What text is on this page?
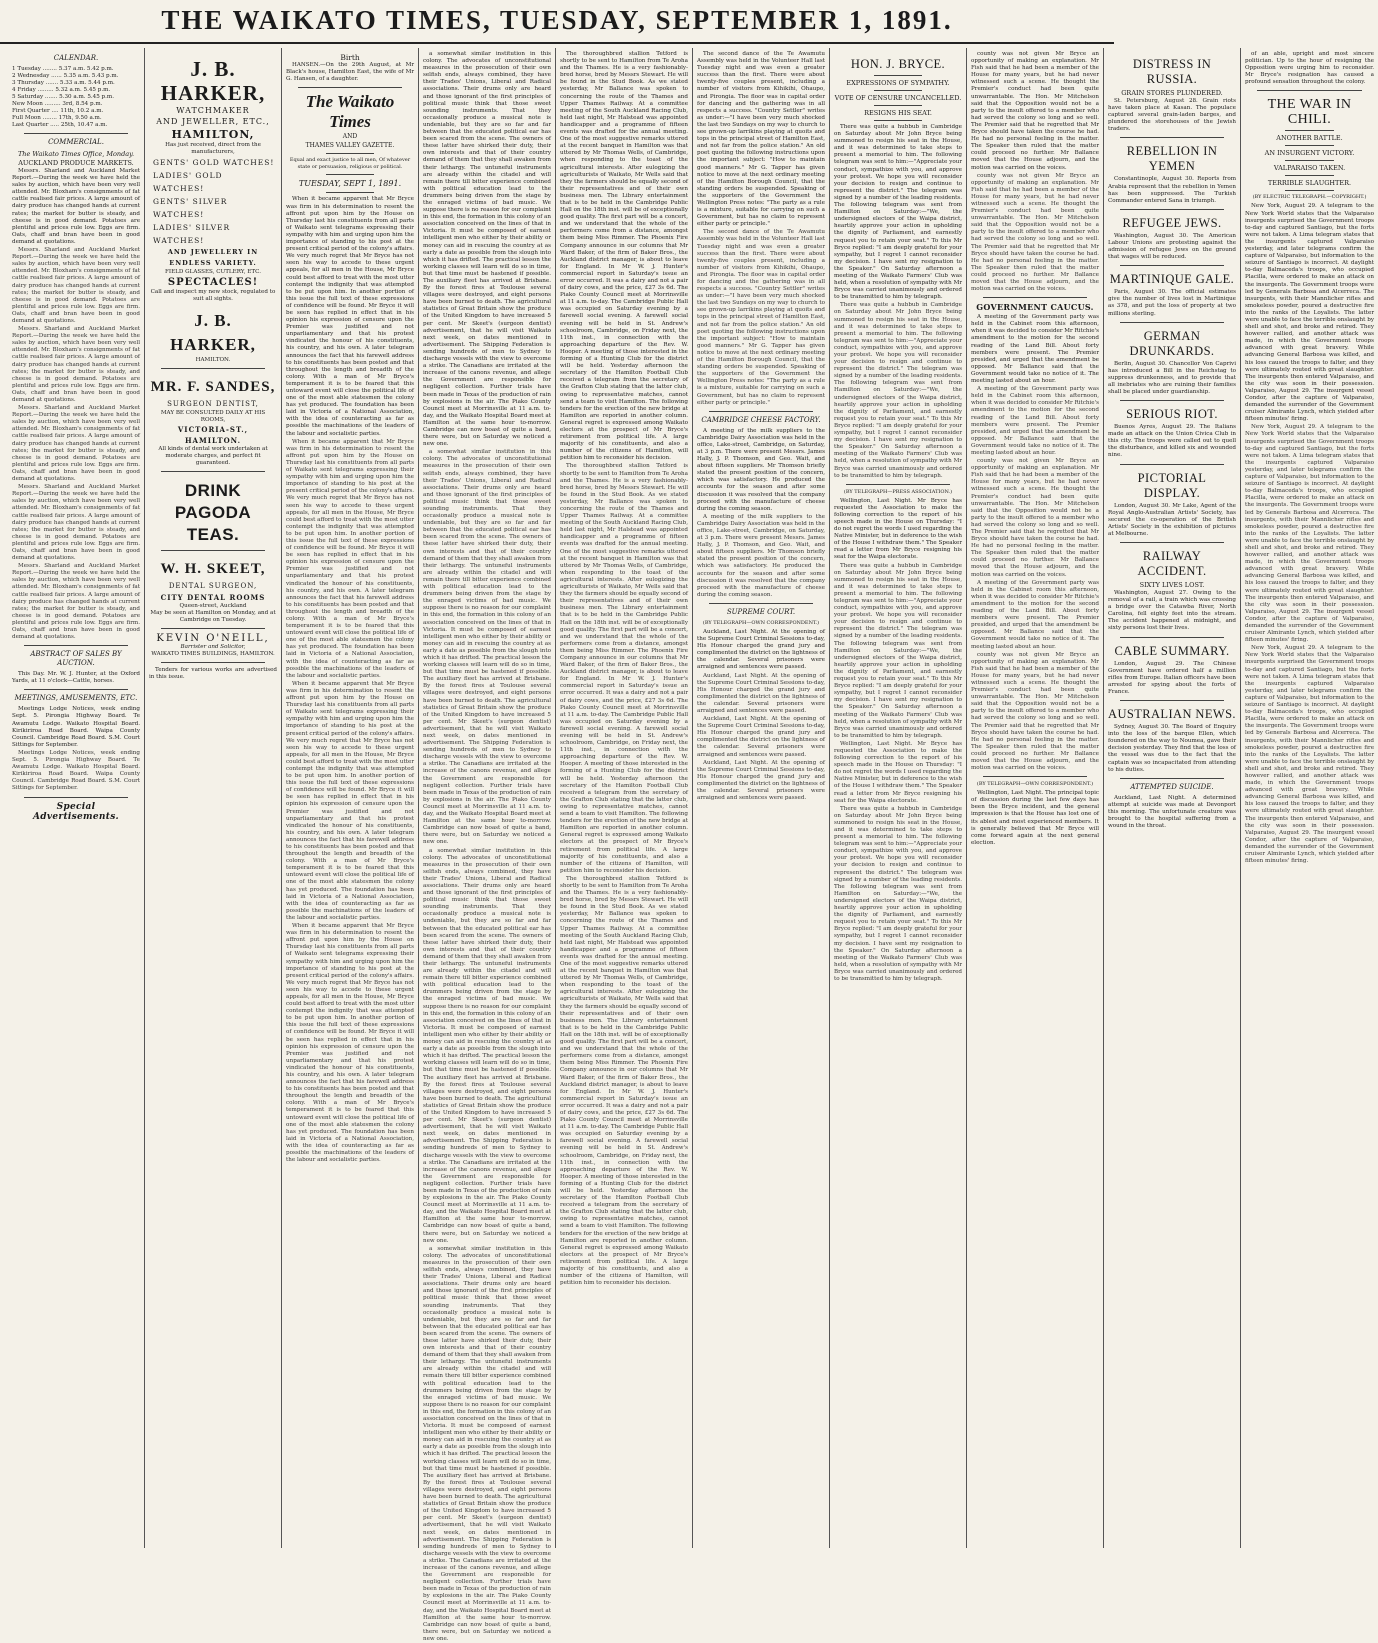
THE WAIKATO TIMES, TUESDAY, SEPTEMBER 1, 1891.
CALENDAR.
1 Tuesday ........ 5.37 a.m. 5.42 p.m.
2 Wednesday ...... 5.35 a.m. 5.43 p.m.
3 Thursday ....... 5.33 a.m. 5.44 p.m.
4 Friday ......... 5.32 a.m. 5.45 p.m.
5 Saturday ....... 5.30 a.m. 5.45 p.m.
New Moon ......... 3rd, 8.54 p.m.
First Quarter .... 11th, 10.2 a.m.
Full Moon ........ 17th, 9.50 a.m.
Last Quarter ..... 25th, 10.47 a.m.
COMMERCIAL.
The Waikato Times Office, Monday.
AUCKLAND PRODUCE MARKETS.

Messrs. Sharland and Auckland Market Report.—During the week we have held the sales by auction, which have been very well attended. Mr. Bloxham's consignments of fat cattle realised fair prices. A large amount of dairy produce has changed hands at current rates; the market for butter is steady, and cheese is in good demand. Potatoes are plentiful and prices rule low. Eggs are firm. Oats, chaff and bran have been in good demand at quotations.

Messrs. Sharland and Auckland Market Report.—During the week we have held the sales by auction, which have been very well attended. Mr. Bloxham's consignments of fat cattle realised fair prices. A large amount of dairy produce has changed hands at current rates; the market for butter is steady, and cheese is in good demand. Potatoes are plentiful and prices rule low. Eggs are firm. Oats, chaff and bran have been in good demand at quotations.

Messrs. Sharland and Auckland Market Report.—During the week we have held the sales by auction, which have been very well attended. Mr. Bloxham's consignments of fat cattle realised fair prices. A large amount of dairy produce has changed hands at current rates; the market for butter is steady, and cheese is in good demand. Potatoes are plentiful and prices rule low. Eggs are firm. Oats, chaff and bran have been in good demand at quotations.

Messrs. Sharland and Auckland Market Report.—During the week we have held the sales by auction, which have been very well attended. Mr. Bloxham's consignments of fat cattle realised fair prices. A large amount of dairy produce has changed hands at current rates; the market for butter is steady, and cheese is in good demand. Potatoes are plentiful and prices rule low. Eggs are firm. Oats, chaff and bran have been in good demand at quotations.

Messrs. Sharland and Auckland Market Report.—During the week we have held the sales by auction, which have been very well attended. Mr. Bloxham's consignments of fat cattle realised fair prices. A large amount of dairy produce has changed hands at current rates; the market for butter is steady, and cheese is in good demand. Potatoes are plentiful and prices rule low. Eggs are firm. Oats, chaff and bran have been in good demand at quotations.

Messrs. Sharland and Auckland Market Report.—During the week we have held the sales by auction, which have been very well attended. Mr. Bloxham's consignments of fat cattle realised fair prices. A large amount of dairy produce has changed hands at current rates; the market for butter is steady, and cheese is in good demand. Potatoes are plentiful and prices rule low. Eggs are firm. Oats, chaff and bran have been in good demand at quotations.

ABSTRACT OF SALES BY AUCTION.

This Day. Mr. W. J. Hunter, at the Oxford Yards, at 11 o'clock—Cattle, horses.

MEETINGS, AMUSEMENTS, ETC.

Meetings Lodge Notices, week ending Sept. 5. Pirongia Highway Board. Te Awamutu Lodge. Waikato Hospital Board. Kirikiriroa Road Board. Waipa County Council. Cambridge Road Board. S.M. Court Sittings for September.

Meetings Lodge Notices, week ending Sept. 5. Pirongia Highway Board. Te Awamutu Lodge. Waikato Hospital Board. Kirikiriroa Road Board. Waipa County Council. Cambridge Road Board. S.M. Court Sittings for September.

Special Advertisements.
J. B. HARKER,
WATCHMAKER
AND JEWELLER, ETC.,
HAMILTON,
Has just received, direct from the manufacturers,
GENTS' GOLD WATCHES!
LADIES' GOLD WATCHES!
GENTS' SILVER WATCHES!
LADIES' SILVER WATCHES!
AND JEWELLERY IN ENDLESS VARIETY.
FIELD GLASSES, CUTLERY, ETC.
SPECTACLES!
Call and inspect my new stock, regulated to suit all sights.
J. B. HARKER,
HAMILTON.
MR. F. SANDES,
SURGEON DENTIST,
MAY BE CONSULTED DAILY AT HIS ROOMS,
VICTORIA-ST., HAMILTON.
All kinds of dental work undertaken at moderate charges, and perfect fit guaranteed.
DRINK PAGODA TEAS.
W. H. SKEET,
DENTAL SURGEON,
CITY DENTAL ROOMS
Queen-street, Auckland
May be seen at Hamilton on Monday, and at Cambridge on Tuesday.
KEVIN O'NEILL,
Barrister and Solicitor,
WAIKATO TIMES BUILDINGS, HAMILTON.

Tenders for various works are advertised in this issue.

Birth

HANSEN.—On the 29th August, at Mr Black's house, Hamilton East, the wife of Mr G. Hansen, of a daughter.

The Waikato Times
AND
THAMES VALLEY GAZETTE.

Equal and exact justice to all men, Of whatever state or persuasion, religious or political.

TUESDAY, SEPT 1, 1891.

When it became apparent that Mr Bryce was firm in his determination to resent the affront put upon him by the House on Thursday last his constituents from all parts of Waikato sent telegrams expressing their sympathy with him and urging upon him the importance of standing to his post at the present critical period of the colony's affairs. We very much regret that Mr Bryce has not seen his way to accede to these urgent appeals, for all men in the House, Mr Bryce could best afford to treat with the most utter contempt the indignity that was attempted to be put upon him. In another portion of this issue the full text of these expressions of confidence will be found. Mr Bryce it will be seen has replied in effect that in his opinion his expression of censure upon the Premier was justified and not unparliamentary and that his protest vindicated the honour of his constituents, his country, and his own. A later telegram announces the fact that his farewell address to his constituents has been posted and that throughout the length and breadth of the colony. With a man of Mr Bryce's temperament it is to be feared that this untoward event will close the political life of one of the most able statesmen the colony has yet produced. The foundation has been laid in Victoria of a National Association, with the idea of counteracting as far as possible the machinations of the leaders of the labour and socialistic parties.

When it became apparent that Mr Bryce was firm in his determination to resent the affront put upon him by the House on Thursday last his constituents from all parts of Waikato sent telegrams expressing their sympathy with him and urging upon him the importance of standing to his post at the present critical period of the colony's affairs. We very much regret that Mr Bryce has not seen his way to accede to these urgent appeals, for all men in the House, Mr Bryce could best afford to treat with the most utter contempt the indignity that was attempted to be put upon him. In another portion of this issue the full text of these expressions of confidence will be found. Mr Bryce it will be seen has replied in effect that in his opinion his expression of censure upon the Premier was justified and not unparliamentary and that his protest vindicated the honour of his constituents, his country, and his own. A later telegram announces the fact that his farewell address to his constituents has been posted and that throughout the length and breadth of the colony. With a man of Mr Bryce's temperament it is to be feared that this untoward event will close the political life of one of the most able statesmen the colony has yet produced. The foundation has been laid in Victoria of a National Association, with the idea of counteracting as far as possible the machinations of the leaders of the labour and socialistic parties.

When it became apparent that Mr Bryce was firm in his determination to resent the affront put upon him by the House on Thursday last his constituents from all parts of Waikato sent telegrams expressing their sympathy with him and urging upon him the importance of standing to his post at the present critical period of the colony's affairs. We very much regret that Mr Bryce has not seen his way to accede to these urgent appeals, for all men in the House, Mr Bryce could best afford to treat with the most utter contempt the indignity that was attempted to be put upon him. In another portion of this issue the full text of these expressions of confidence will be found. Mr Bryce it will be seen has replied in effect that in his opinion his expression of censure upon the Premier was justified and not unparliamentary and that his protest vindicated the honour of his constituents, his country, and his own. A later telegram announces the fact that his farewell address to his constituents has been posted and that throughout the length and breadth of the colony. With a man of Mr Bryce's temperament it is to be feared that this untoward event will close the political life of one of the most able statesmen the colony has yet produced. The foundation has been laid in Victoria of a National Association, with the idea of counteracting as far as possible the machinations of the leaders of the labour and socialistic parties.

When it became apparent that Mr Bryce was firm in his determination to resent the affront put upon him by the House on Thursday last his constituents from all parts of Waikato sent telegrams expressing their sympathy with him and urging upon him the importance of standing to his post at the present critical period of the colony's affairs. We very much regret that Mr Bryce has not seen his way to accede to these urgent appeals, for all men in the House, Mr Bryce could best afford to treat with the most utter contempt the indignity that was attempted to be put upon him. In another portion of this issue the full text of these expressions of confidence will be found. Mr Bryce it will be seen has replied in effect that in his opinion his expression of censure upon the Premier was justified and not unparliamentary and that his protest vindicated the honour of his constituents, his country, and his own. A later telegram announces the fact that his farewell address to his constituents has been posted and that throughout the length and breadth of the colony. With a man of Mr Bryce's temperament it is to be feared that this untoward event will close the political life of one of the most able statesmen the colony has yet produced. The foundation has been laid in Victoria of a National Association, with the idea of counteracting as far as possible the machinations of the leaders of the labour and socialistic parties.

a somewhat similar institution in this colony. The advocates of unconstitutional measures in the prosecution of their own selfish ends, always combined, they have their Trades' Unions, Liberal and Radical associations. Their drums only are heard and those ignorant of the first principles of political music think that those sweet sounding instruments. That they occasionally produce a musical note is undeniable, but they are so far and far between that the educated political ear has been scared from the scene. The owners of these latter have shirked their duty, their own interests and that of their country demand of them that they shall awaken from their lethargy. The untuneful instruments are already within the citadel and will remain there till bitter experience combined with political education lead to the drummers being driven from the stage by the enraged victims of bad music. We suppose there is no reason for our complaint in this end, the formation in this colony of an association conceived on the lines of that in Victoria. It must be composed of earnest intelligent men who either by their ability or money can aid in rescuing the country at as early a date as possible from the slough into which it has drifted. The practical lesson the working classes will learn will do so in time, but that time must be hastened if possible. The auxiliary fleet has arrived at Brisbane. By the forest fires at Toulouse several villages were destroyed, and eight persons have been burned to death. The agricultural statistics of Great Britain show the produce of the United Kingdom to have increased 5 per cent. Mr Skeet's (surgeon dentist) advertisement, that he will visit Waikato next week, on dates mentioned in advertisement. The Shipping Federation is sending hundreds of men to Sydney to discharge vessels with the view to overcome a strike. The Canadians are irritated at the increase of the canons revenue, and allege the Government are responsible for negligent collection. Further trials have been made in Texas of the production of rain by explosions in the air. The Piako County Council meet at Morrinsville at 11 a.m. to-day, and the Waikato Hospital Board meet at Hamilton at the same hour to-morrow. Cambridge can now boast of quite a band, there were, but on Saturday we noticed a new one.

a somewhat similar institution in this colony. The advocates of unconstitutional measures in the prosecution of their own selfish ends, always combined, they have their Trades' Unions, Liberal and Radical associations. Their drums only are heard and those ignorant of the first principles of political music think that those sweet sounding instruments. That they occasionally produce a musical note is undeniable, but they are so far and far between that the educated political ear has been scared from the scene. The owners of these latter have shirked their duty, their own interests and that of their country demand of them that they shall awaken from their lethargy. The untuneful instruments are already within the citadel and will remain there till bitter experience combined with political education lead to the drummers being driven from the stage by the enraged victims of bad music. We suppose there is no reason for our complaint in this end, the formation in this colony of an association conceived on the lines of that in Victoria. It must be composed of earnest intelligent men who either by their ability or money can aid in rescuing the country at as early a date as possible from the slough into which it has drifted. The practical lesson the working classes will learn will do so in time, but that time must be hastened if possible. The auxiliary fleet has arrived at Brisbane. By the forest fires at Toulouse several villages were destroyed, and eight persons have been burned to death. The agricultural statistics of Great Britain show the produce of the United Kingdom to have increased 5 per cent. Mr Skeet's (surgeon dentist) advertisement, that he will visit Waikato next week, on dates mentioned in advertisement. The Shipping Federation is sending hundreds of men to Sydney to discharge vessels with the view to overcome a strike. The Canadians are irritated at the increase of the canons revenue, and allege the Government are responsible for negligent collection. Further trials have been made in Texas of the production of rain by explosions in the air. The Piako County Council meet at Morrinsville at 11 a.m. to-day, and the Waikato Hospital Board meet at Hamilton at the same hour to-morrow. Cambridge can now boast of quite a band, there were, but on Saturday we noticed a new one.

a somewhat similar institution in this colony. The advocates of unconstitutional measures in the prosecution of their own selfish ends, always combined, they have their Trades' Unions, Liberal and Radical associations. Their drums only are heard and those ignorant of the first principles of political music think that those sweet sounding instruments. That they occasionally produce a musical note is undeniable, but they are so far and far between that the educated political ear has been scared from the scene. The owners of these latter have shirked their duty, their own interests and that of their country demand of them that they shall awaken from their lethargy. The untuneful instruments are already within the citadel and will remain there till bitter experience combined with political education lead to the drummers being driven from the stage by the enraged victims of bad music. We suppose there is no reason for our complaint in this end, the formation in this colony of an association conceived on the lines of that in Victoria. It must be composed of earnest intelligent men who either by their ability or money can aid in rescuing the country at as early a date as possible from the slough into which it has drifted. The practical lesson the working classes will learn will do so in time, but that time must be hastened if possible. The auxiliary fleet has arrived at Brisbane. By the forest fires at Toulouse several villages were destroyed, and eight persons have been burned to death. The agricultural statistics of Great Britain show the produce of the United Kingdom to have increased 5 per cent. Mr Skeet's (surgeon dentist) advertisement, that he will visit Waikato next week, on dates mentioned in advertisement. The Shipping Federation is sending hundreds of men to Sydney to discharge vessels with the view to overcome a strike. The Canadians are irritated at the increase of the canons revenue, and allege the Government are responsible for negligent collection. Further trials have been made in Texas of the production of rain by explosions in the air. The Piako County Council meet at Morrinsville at 11 a.m. to-day, and the Waikato Hospital Board meet at Hamilton at the same hour to-morrow. Cambridge can now boast of quite a band, there were, but on Saturday we noticed a new one.

a somewhat similar institution in this colony. The advocates of unconstitutional measures in the prosecution of their own selfish ends, always combined, they have their Trades' Unions, Liberal and Radical associations. Their drums only are heard and those ignorant of the first principles of political music think that those sweet sounding instruments. That they occasionally produce a musical note is undeniable, but they are so far and far between that the educated political ear has been scared from the scene. The owners of these latter have shirked their duty, their own interests and that of their country demand of them that they shall awaken from their lethargy. The untuneful instruments are already within the citadel and will remain there till bitter experience combined with political education lead to the drummers being driven from the stage by the enraged victims of bad music. We suppose there is no reason for our complaint in this end, the formation in this colony of an association conceived on the lines of that in Victoria. It must be composed of earnest intelligent men who either by their ability or money can aid in rescuing the country at as early a date as possible from the slough into which it has drifted. The practical lesson the working classes will learn will do so in time, but that time must be hastened if possible. The auxiliary fleet has arrived at Brisbane. By the forest fires at Toulouse several villages were destroyed, and eight persons have been burned to death. The agricultural statistics of Great Britain show the produce of the United Kingdom to have increased 5 per cent. Mr Skeet's (surgeon dentist) advertisement, that he will visit Waikato next week, on dates mentioned in advertisement. The Shipping Federation is sending hundreds of men to Sydney to discharge vessels with the view to overcome a strike. The Canadians are irritated at the increase of the canons revenue, and allege the Government are responsible for negligent collection. Further trials have been made in Texas of the production of rain by explosions in the air. The Piako County Council meet at Morrinsville at 11 a.m. to-day, and the Waikato Hospital Board meet at Hamilton at the same hour to-morrow. Cambridge can now boast of quite a band, there were, but on Saturday we noticed a new one.

The thoroughbred stallion Tetford is shortly to be sent to Hamilton from Te Aroha and the Thames. He is a very fashionably-bred horse, bred by Messrs Stewart. He will be found in the Stud Book. As we stated yesterday, Mr Ballance was spoken to concerning the route of the Thames and Upper Thames Railway. At a committee meeting of the South Auckland Racing Club, held last night, Mr Halstead was appointed handicapper and a programme of fifteen events was drafted for the annual meeting. One of the most suggestive remarks uttered at the recent banquet in Hamilton was that uttered by Mr Thomas Wells, of Cambridge, when responding to the toast of the agricultural interests. After eulogizing the agriculturists of Waikato, Mr Wells said that they the farmers should be equally second of their representatives and of their own business men. The Library entertainment that is to be held in the Cambridge Public Hall on the 18th inst. will be of exceptionally good quality. The first part will be a concert, and we understand that the whole of the performers come from a distance, amongst them being Miss Rimmer. The Phoenix Fire Company announce in our columns that Mr Ward Baker, of the firm of Baker Bros., the Auckland district manager, is about to leave for England. In Mr W. J. Hunter's commercial report in Saturday's issue an error occurred. It was a dairy and not a pair of dairy cows, and the price, £27 3s 6d. The Piako County Council meet at Morrinsville at 11 a.m. to-day. The Cambridge Public Hall was occupied on Saturday evening by a farewell social evening. A farewell social evening will be held in St. Andrew's schoolroom, Cambridge, on Friday next, the 11th inst., in connection with the approaching departure of the Rev. W. Hooper. A meeting of those interested in the forming of a Hunting Club for the district will be held. Yesterday afternoon the secretary of the Hamilton Football Club received a telegram from the secretary of the Grafton Club stating that the latter club, owing to representative matches, cannot send a team to visit Hamilton. The following tenders for the erection of the new bridge at Hamilton are reported in another column. General regret is expressed among Waikato electors at the prospect of Mr Bryce's retirement from political life. A large majority of his constituents, and also a number of the citizens of Hamilton, will petition him to reconsider his decision.

The thoroughbred stallion Tetford is shortly to be sent to Hamilton from Te Aroha and the Thames. He is a very fashionably-bred horse, bred by Messrs Stewart. He will be found in the Stud Book. As we stated yesterday, Mr Ballance was spoken to concerning the route of the Thames and Upper Thames Railway. At a committee meeting of the South Auckland Racing Club, held last night, Mr Halstead was appointed handicapper and a programme of fifteen events was drafted for the annual meeting. One of the most suggestive remarks uttered at the recent banquet in Hamilton was that uttered by Mr Thomas Wells, of Cambridge, when responding to the toast of the agricultural interests. After eulogizing the agriculturists of Waikato, Mr Wells said that they the farmers should be equally second of their representatives and of their own business men. The Library entertainment that is to be held in the Cambridge Public Hall on the 18th inst. will be of exceptionally good quality. The first part will be a concert, and we understand that the whole of the performers come from a distance, amongst them being Miss Rimmer. The Phoenix Fire Company announce in our columns that Mr Ward Baker, of the firm of Baker Bros., the Auckland district manager, is about to leave for England. In Mr W. J. Hunter's commercial report in Saturday's issue an error occurred. It was a dairy and not a pair of dairy cows, and the price, £27 3s 6d. The Piako County Council meet at Morrinsville at 11 a.m. to-day. The Cambridge Public Hall was occupied on Saturday evening by a farewell social evening. A farewell social evening will be held in St. Andrew's schoolroom, Cambridge, on Friday next, the 11th inst., in connection with the approaching departure of the Rev. W. Hooper. A meeting of those interested in the forming of a Hunting Club for the district will be held. Yesterday afternoon the secretary of the Hamilton Football Club received a telegram from the secretary of the Grafton Club stating that the latter club, owing to representative matches, cannot send a team to visit Hamilton. The following tenders for the erection of the new bridge at Hamilton are reported in another column. General regret is expressed among Waikato electors at the prospect of Mr Bryce's retirement from political life. A large majority of his constituents, and also a number of the citizens of Hamilton, will petition him to reconsider his decision.

The thoroughbred stallion Tetford is shortly to be sent to Hamilton from Te Aroha and the Thames. He is a very fashionably-bred horse, bred by Messrs Stewart. He will be found in the Stud Book. As we stated yesterday, Mr Ballance was spoken to concerning the route of the Thames and Upper Thames Railway. At a committee meeting of the South Auckland Racing Club, held last night, Mr Halstead was appointed handicapper and a programme of fifteen events was drafted for the annual meeting. One of the most suggestive remarks uttered at the recent banquet in Hamilton was that uttered by Mr Thomas Wells, of Cambridge, when responding to the toast of the agricultural interests. After eulogizing the agriculturists of Waikato, Mr Wells said that they the farmers should be equally second of their representatives and of their own business men. The Library entertainment that is to be held in the Cambridge Public Hall on the 18th inst. will be of exceptionally good quality. The first part will be a concert, and we understand that the whole of the performers come from a distance, amongst them being Miss Rimmer. The Phoenix Fire Company announce in our columns that Mr Ward Baker, of the firm of Baker Bros., the Auckland district manager, is about to leave for England. In Mr W. J. Hunter's commercial report in Saturday's issue an error occurred. It was a dairy and not a pair of dairy cows, and the price, £27 3s 6d. The Piako County Council meet at Morrinsville at 11 a.m. to-day. The Cambridge Public Hall was occupied on Saturday evening by a farewell social evening. A farewell social evening will be held in St. Andrew's schoolroom, Cambridge, on Friday next, the 11th inst., in connection with the approaching departure of the Rev. W. Hooper. A meeting of those interested in the forming of a Hunting Club for the district will be held. Yesterday afternoon the secretary of the Hamilton Football Club received a telegram from the secretary of the Grafton Club stating that the latter club, owing to representative matches, cannot send a team to visit Hamilton. The following tenders for the erection of the new bridge at Hamilton are reported in another column. General regret is expressed among Waikato electors at the prospect of Mr Bryce's retirement from political life. A large majority of his constituents, and also a number of the citizens of Hamilton, will petition him to reconsider his decision.

The second dance of the Te Awamutu Assembly was held in the Volunteer Hall last Tuesday night and was even a greater success than the first. There were about twenty-five couples present, including a number of visitors from Kihikihi, Ohaupo, and Pirongia. The floor was in capital order for dancing and the gathering was in all respects a success. "Country Settler" writes as under:—"I have been very much shocked the last two Sundays on my way to church to see grown-up larrikins playing at quoits and tops in the principal street of Hamilton East, and not far from the police station." An old poet quoting the following instructions upon the important subject: "How to maintain good manners." Mr G. Tapper has given notice to move at the next ordinary meeting of the Hamilton Borough Council, that the standing orders be suspended. Speaking of the supporters of the Government the Wellington Press notes: "The party as a rule is a mixture, suitable for carrying on such a Government, but has no claim to represent either party or principle."

The second dance of the Te Awamutu Assembly was held in the Volunteer Hall last Tuesday night and was even a greater success than the first. There were about twenty-five couples present, including a number of visitors from Kihikihi, Ohaupo, and Pirongia. The floor was in capital order for dancing and the gathering was in all respects a success. "Country Settler" writes as under:—"I have been very much shocked the last two Sundays on my way to church to see grown-up larrikins playing at quoits and tops in the principal street of Hamilton East, and not far from the police station." An old poet quoting the following instructions upon the important subject: "How to maintain good manners." Mr G. Tapper has given notice to move at the next ordinary meeting of the Hamilton Borough Council, that the standing orders be suspended. Speaking of the supporters of the Government the Wellington Press notes: "The party as a rule is a mixture, suitable for carrying on such a Government, but has no claim to represent either party or principle."

CAMBRIDGE CHEESE FACTORY.

A meeting of the milk suppliers to the Cambridge Dairy Association was held in the office, Lake-street, Cambridge, on Saturday, at 3 p.m. There were present Messrs. James Hally, J. P. Thomson, and Geo. Wait, and about fifteen suppliers. Mr Thomson briefly stated the present position of the concern, which was satisfactory. He produced the accounts for the season and after some discussion it was resolved that the company proceed with the manufacture of cheese during the coming season.

A meeting of the milk suppliers to the Cambridge Dairy Association was held in the office, Lake-street, Cambridge, on Saturday, at 3 p.m. There were present Messrs. James Hally, J. P. Thomson, and Geo. Wait, and about fifteen suppliers. Mr Thomson briefly stated the present position of the concern, which was satisfactory. He produced the accounts for the season and after some discussion it was resolved that the company proceed with the manufacture of cheese during the coming season.

SUPREME COURT.
(BY TELEGRAPH—OWN CORRESPONDENT.)

Auckland, Last Night. At the opening of the Supreme Court Criminal Sessions to-day, His Honour charged the grand jury and complimented the district on the lightness of the calendar. Several prisoners were arraigned and sentences were passed.

Auckland, Last Night. At the opening of the Supreme Court Criminal Sessions to-day, His Honour charged the grand jury and complimented the district on the lightness of the calendar. Several prisoners were arraigned and sentences were passed.

Auckland, Last Night. At the opening of the Supreme Court Criminal Sessions to-day, His Honour charged the grand jury and complimented the district on the lightness of the calendar. Several prisoners were arraigned and sentences were passed.

Auckland, Last Night. At the opening of the Supreme Court Criminal Sessions to-day, His Honour charged the grand jury and complimented the district on the lightness of the calendar. Several prisoners were arraigned and sentences were passed.

HON. J. BRYCE.
EXPRESSIONS OF SYMPATHY.
VOTE OF CENSURE UNCANCELLED.
RESIGNS HIS SEAT.

There was quite a hubbub in Cambridge on Saturday about Mr John Bryce being summoned to resign his seat in the House, and it was determined to take steps to present a memorial to him. The following telegram was sent to him:—"Appreciate your conduct, sympathize with you, and approve your protest. We hope you will reconsider your decision to resign and continue to represent the district." The telegram was signed by a number of the leading residents. The following telegram was sent from Hamilton on Saturday:—"We, the undersigned electors of the Waipa district, heartily approve your action in upholding the dignity of Parliament, and earnestly request you to retain your seat." To this Mr Bryce replied: "I am deeply grateful for your sympathy, but I regret I cannot reconsider my decision. I have sent my resignation to the Speaker." On Saturday afternoon a meeting of the Waikato Farmers' Club was held, when a resolution of sympathy with Mr Bryce was carried unanimously and ordered to be transmitted to him by telegraph.

There was quite a hubbub in Cambridge on Saturday about Mr John Bryce being summoned to resign his seat in the House, and it was determined to take steps to present a memorial to him. The following telegram was sent to him:—"Appreciate your conduct, sympathize with you, and approve your protest. We hope you will reconsider your decision to resign and continue to represent the district." The telegram was signed by a number of the leading residents. The following telegram was sent from Hamilton on Saturday:—"We, the undersigned electors of the Waipa district, heartily approve your action in upholding the dignity of Parliament, and earnestly request you to retain your seat." To this Mr Bryce replied: "I am deeply grateful for your sympathy, but I regret I cannot reconsider my decision. I have sent my resignation to the Speaker." On Saturday afternoon a meeting of the Waikato Farmers' Club was held, when a resolution of sympathy with Mr Bryce was carried unanimously and ordered to be transmitted to him by telegraph.

(BY TELEGRAPH—PRESS ASSOCIATION.)

Wellington, Last Night. Mr Bryce has requested the Association to make the following correction to the report of his speech made in the House on Thursday: "I do not regret the words I used regarding the Native Minister, but in deference to the wish of the House I withdraw them." The Speaker read a letter from Mr Bryce resigning his seat for the Waipa electorate.

There was quite a hubbub in Cambridge on Saturday about Mr John Bryce being summoned to resign his seat in the House, and it was determined to take steps to present a memorial to him. The following telegram was sent to him:—"Appreciate your conduct, sympathize with you, and approve your protest. We hope you will reconsider your decision to resign and continue to represent the district." The telegram was signed by a number of the leading residents. The following telegram was sent from Hamilton on Saturday:—"We, the undersigned electors of the Waipa district, heartily approve your action in upholding the dignity of Parliament, and earnestly request you to retain your seat." To this Mr Bryce replied: "I am deeply grateful for your sympathy, but I regret I cannot reconsider my decision. I have sent my resignation to the Speaker." On Saturday afternoon a meeting of the Waikato Farmers' Club was held, when a resolution of sympathy with Mr Bryce was carried unanimously and ordered to be transmitted to him by telegraph.

Wellington, Last Night. Mr Bryce has requested the Association to make the following correction to the report of his speech made in the House on Thursday: "I do not regret the words I used regarding the Native Minister, but in deference to the wish of the House I withdraw them." The Speaker read a letter from Mr Bryce resigning his seat for the Waipa electorate.

There was quite a hubbub in Cambridge on Saturday about Mr John Bryce being summoned to resign his seat in the House, and it was determined to take steps to present a memorial to him. The following telegram was sent to him:—"Appreciate your conduct, sympathize with you, and approve your protest. We hope you will reconsider your decision to resign and continue to represent the district." The telegram was signed by a number of the leading residents. The following telegram was sent from Hamilton on Saturday:—"We, the undersigned electors of the Waipa district, heartily approve your action in upholding the dignity of Parliament, and earnestly request you to retain your seat." To this Mr Bryce replied: "I am deeply grateful for your sympathy, but I regret I cannot reconsider my decision. I have sent my resignation to the Speaker." On Saturday afternoon a meeting of the Waikato Farmers' Club was held, when a resolution of sympathy with Mr Bryce was carried unanimously and ordered to be transmitted to him by telegraph.

county was not given Mr Bryce an opportunity of making an explanation. Mr Fish said that he had been a member of the House for many years, but he had never witnessed such a scene. He thought the Premier's conduct had been quite unwarrantable. The Hon. Mr Mitchelson said that the Opposition would not be a party to the insult offered to a member who had served the colony so long and so well. The Premier said that he regretted that Mr Bryce should have taken the course he had. He had no personal feeling in the matter. The Speaker then ruled that the matter could proceed no further. Mr Ballance moved that the House adjourn, and the motion was carried on the voices.

county was not given Mr Bryce an opportunity of making an explanation. Mr Fish said that he had been a member of the House for many years, but he had never witnessed such a scene. He thought the Premier's conduct had been quite unwarrantable. The Hon. Mr Mitchelson said that the Opposition would not be a party to the insult offered to a member who had served the colony so long and so well. The Premier said that he regretted that Mr Bryce should have taken the course he had. He had no personal feeling in the matter. The Speaker then ruled that the matter could proceed no further. Mr Ballance moved that the House adjourn, and the motion was carried on the voices.

GOVERNMENT CAUCUS.

A meeting of the Government party was held in the Cabinet room this afternoon, when it was decided to consider Mr Ritchie's amendment to the motion for the second reading of the Land Bill. About forty members were present. The Premier presided, and urged that the amendment be opposed. Mr Ballance said that the Government would take no notice of it. The meeting lasted about an hour.

A meeting of the Government party was held in the Cabinet room this afternoon, when it was decided to consider Mr Ritchie's amendment to the motion for the second reading of the Land Bill. About forty members were present. The Premier presided, and urged that the amendment be opposed. Mr Ballance said that the Government would take no notice of it. The meeting lasted about an hour.

county was not given Mr Bryce an opportunity of making an explanation. Mr Fish said that he had been a member of the House for many years, but he had never witnessed such a scene. He thought the Premier's conduct had been quite unwarrantable. The Hon. Mr Mitchelson said that the Opposition would not be a party to the insult offered to a member who had served the colony so long and so well. The Premier said that he regretted that Mr Bryce should have taken the course he had. He had no personal feeling in the matter. The Speaker then ruled that the matter could proceed no further. Mr Ballance moved that the House adjourn, and the motion was carried on the voices.

A meeting of the Government party was held in the Cabinet room this afternoon, when it was decided to consider Mr Ritchie's amendment to the motion for the second reading of the Land Bill. About forty members were present. The Premier presided, and urged that the amendment be opposed. Mr Ballance said that the Government would take no notice of it. The meeting lasted about an hour.

county was not given Mr Bryce an opportunity of making an explanation. Mr Fish said that he had been a member of the House for many years, but he had never witnessed such a scene. He thought the Premier's conduct had been quite unwarrantable. The Hon. Mr Mitchelson said that the Opposition would not be a party to the insult offered to a member who had served the colony so long and so well. The Premier said that he regretted that Mr Bryce should have taken the course he had. He had no personal feeling in the matter. The Speaker then ruled that the matter could proceed no further. Mr Ballance moved that the House adjourn, and the motion was carried on the voices.

(BY TELEGRAPH—OWN CORRESPONDENT.)

Wellington, Last Night. The principal topic of discussion during the last few days has been the Bryce incident, and the general impression is that the House has lost one of its ablest and most experienced members. It is generally believed that Mr Bryce will come forward again at the next general election.

DISTRESS IN RUSSIA.
GRAIN STORES PLUNDERED.

St. Petersburg, August 28. Grain riots have taken place at Kasan. The populace captured several grain-laden barges, and plundered the storehouses of the Jewish traders.

REBELLION IN YEMEN

Constantinople, August 30. Reports from Arabia represent that the rebellion in Yemen has been suppressed. The Turkish Commander entered Sana in triumph.

REFUGEE JEWS.

Washington, August 30. The American Labour Unions are protesting against the admission of refugee Jews on the ground that wages will be reduced.

MARTINIQUE GALE.

Paris, August 30. The official estimates give the number of lives lost in Martinique as 378, and put the loss of property at two millions sterling.

GERMAN DRUNKARDS.

Berlin, August 30. Chancellor Von Caprivi has introduced a Bill in the Reichstag to suppress drunkenness, and to provide that all inebriates who are ruining their families shall be placed under guardianship.

SERIOUS RIOT.

Buenos Ayres, August 29. The Italians made an attack on the Union Civica Club in this city. The troops were called out to quell the disturbance, and killed six and wounded nine.

PICTORIAL DISPLAY.

London, August 30. Mr Lake, Agent of the Royal Anglo-Australian Artists' Society, has secured the co-operation of the British Artists' Society in the exhibition of pictures at Melbourne.

RAILWAY ACCIDENT.
SIXTY LIVES LOST.

Washington, August 27. Owing to the removal of a rail, a train which was crossing a bridge over the Catawba River, North Carolina, fell eighty feet into the stream. The accident happened at midnight, and sixty persons lost their lives.

CABLE SUMMARY.

London, August 29. The Chinese Government have ordered half a million rifles from Europe. Italian officers have been arrested for spying about the forts of France.

AUSTRALIAN NEWS.

Sydney, August 30. The Board of Enquiry into the loss of the barque Ellen, which foundered on the way to Noumea, gave their decision yesterday. They find that the loss of the vessel was due to the fact that the captain was so incapacitated from attending to his duties.

ATTEMPTED SUICIDE.

Auckland, Last Night. A determined attempt at suicide was made at Devonport this morning. The unfortunate creature was brought to the hospital suffering from a wound in the throat.

of an able, upright and most sincere politician. Up to the hour of resigning the Opposition were urging him to reconsider. Mr Bryce's resignation has caused a profound sensation throughout the colony.

THE WAR IN CHILI.
ANOTHER BATTLE.
AN INSURGENT VICTORY.
VALPARAISO TAKEN.
TERRIBLE SLAUGHTER.
(BY ELECTRIC TELEGRAPH.—COPYRIGHT.)

New York, August 29. A telegram to the New York World states that the Valparaiso insurgents surprised the Government troops to-day and captured Santiago, but the forts were not taken. A Lima telegram states that the insurgents captured Valparaiso yesterday, and later telegrams confirm the capture of Valparaiso, but information to the seizure of Santiago is incorrect. At daylight to-day Balmaceda's troops, who occupied Placilla, were ordered to make an attack on the insurgents. The Government troops were led by Generals Barbosa and Alcerreca. The insurgents, with their Mannlicher rifles and smokeless powder, poured a destructive fire into the ranks of the Loyalists. The latter were unable to face the terrible onslaught by shell and shot, and broke and retired. They however rallied, and another attack was made, in which the Government troops advanced with great bravery. While advancing General Barbosa was killed, and his loss caused the troops to falter, and they were ultimately routed with great slaughter. The insurgents then entered Valparaiso, and the city was soon in their possession. Valparaiso, August 29. The insurgent vessel Condor, after the capture of Valparaiso, demanded the surrender of the Government cruiser Almirante Lynch, which yielded after fifteen minutes' firing.

New York, August 29. A telegram to the New York World states that the Valparaiso insurgents surprised the Government troops to-day and captured Santiago, but the forts were not taken. A Lima telegram states that the insurgents captured Valparaiso yesterday, and later telegrams confirm the capture of Valparaiso, but information to the seizure of Santiago is incorrect. At daylight to-day Balmaceda's troops, who occupied Placilla, were ordered to make an attack on the insurgents. The Government troops were led by Generals Barbosa and Alcerreca. The insurgents, with their Mannlicher rifles and smokeless powder, poured a destructive fire into the ranks of the Loyalists. The latter were unable to face the terrible onslaught by shell and shot, and broke and retired. They however rallied, and another attack was made, in which the Government troops advanced with great bravery. While advancing General Barbosa was killed, and his loss caused the troops to falter, and they were ultimately routed with great slaughter. The insurgents then entered Valparaiso, and the city was soon in their possession. Valparaiso, August 29. The insurgent vessel Condor, after the capture of Valparaiso, demanded the surrender of the Government cruiser Almirante Lynch, which yielded after fifteen minutes' firing.

New York, August 29. A telegram to the New York World states that the Valparaiso insurgents surprised the Government troops to-day and captured Santiago, but the forts were not taken. A Lima telegram states that the insurgents captured Valparaiso yesterday, and later telegrams confirm the capture of Valparaiso, but information to the seizure of Santiago is incorrect. At daylight to-day Balmaceda's troops, who occupied Placilla, were ordered to make an attack on the insurgents. The Government troops were led by Generals Barbosa and Alcerreca. The insurgents, with their Mannlicher rifles and smokeless powder, poured a destructive fire into the ranks of the Loyalists. The latter were unable to face the terrible onslaught by shell and shot, and broke and retired. They however rallied, and another attack was made, in which the Government troops advanced with great bravery. While advancing General Barbosa was killed, and his loss caused the troops to falter, and they were ultimately routed with great slaughter. The insurgents then entered Valparaiso, and the city was soon in their possession. Valparaiso, August 29. The insurgent vessel Condor, after the capture of Valparaiso, demanded the surrender of the Government cruiser Almirante Lynch, which yielded after fifteen minutes' firing.
